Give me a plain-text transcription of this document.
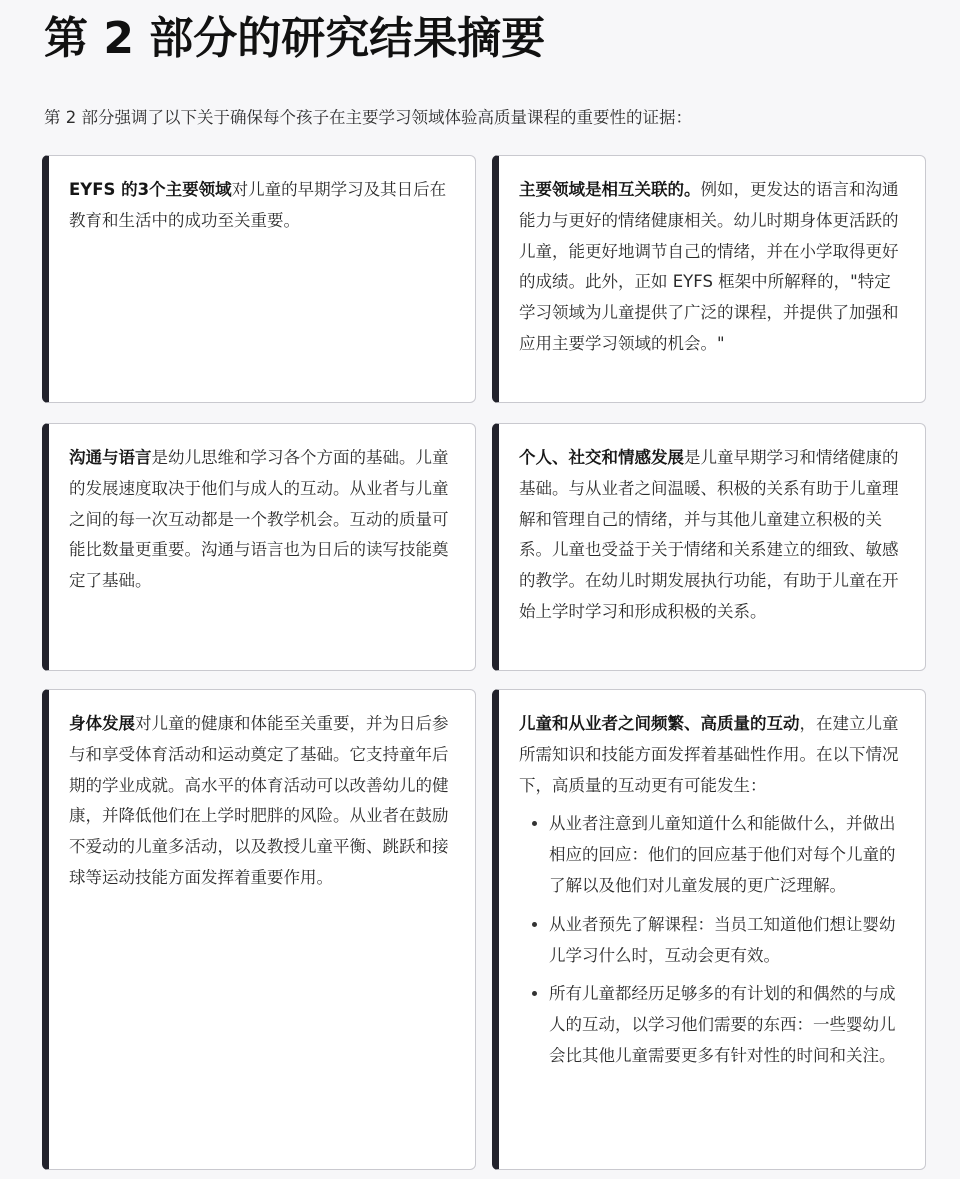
第 2 部分的研究结果摘要

第 2 部分强调了以下关于确保每个孩子在主要学习领域体验高质量课程的重要性的证据：

EYFS 的3个主要领域对儿童的早期学习及其日后在教育和生活中的成功至关重要。

主要领域是相互关联的。例如，更发达的语言和沟通能力与更好的情绪健康相关。幼儿时期身体更活跃的儿童，能更好地调节自己的情绪，并在小学取得更好的成绩。此外，正如 EYFS 框架中所解释的，"特定学习领域为儿童提供了广泛的课程，并提供了加强和应用主要学习领域的机会。"

沟通与语言是幼儿思维和学习各个方面的基础。儿童的发展速度取决于他们与成人的互动。从业者与儿童之间的每一次互动都是一个教学机会。互动的质量可能比数量更重要。沟通与语言也为日后的读写技能奠定了基础。

个人、社交和情感发展是儿童早期学习和情绪健康的基础。与从业者之间温暖、积极的关系有助于儿童理解和管理自己的情绪，并与其他儿童建立积极的关系。儿童也受益于关于情绪和关系建立的细致、敏感的教学。在幼儿时期发展执行功能，有助于儿童在开始上学时学习和形成积极的关系。

身体发展对儿童的健康和体能至关重要，并为日后参与和享受体育活动和运动奠定了基础。它支持童年后期的学业成就。高水平的体育活动可以改善幼儿的健康，并降低他们在上学时肥胖的风险。从业者在鼓励不爱动的儿童多活动，以及教授儿童平衡、跳跃和接球等运动技能方面发挥着重要作用。

儿童和从业者之间频繁、高质量的互动，在建立儿童所需知识和技能方面发挥着基础性作用。在以下情况下，高质量的互动更有可能发生：

• 从业者注意到儿童知道什么和能做什么，并做出相应的回应：他们的回应基于他们对每个儿童的了解以及他们对儿童发展的更广泛理解。
• 从业者预先了解课程：当员工知道他们想让婴幼儿学习什么时，互动会更有效。
• 所有儿童都经历足够多的有计划的和偶然的与成人的互动，以学习他们需要的东西：一些婴幼儿会比其他儿童需要更多有针对性的时间和关注。
